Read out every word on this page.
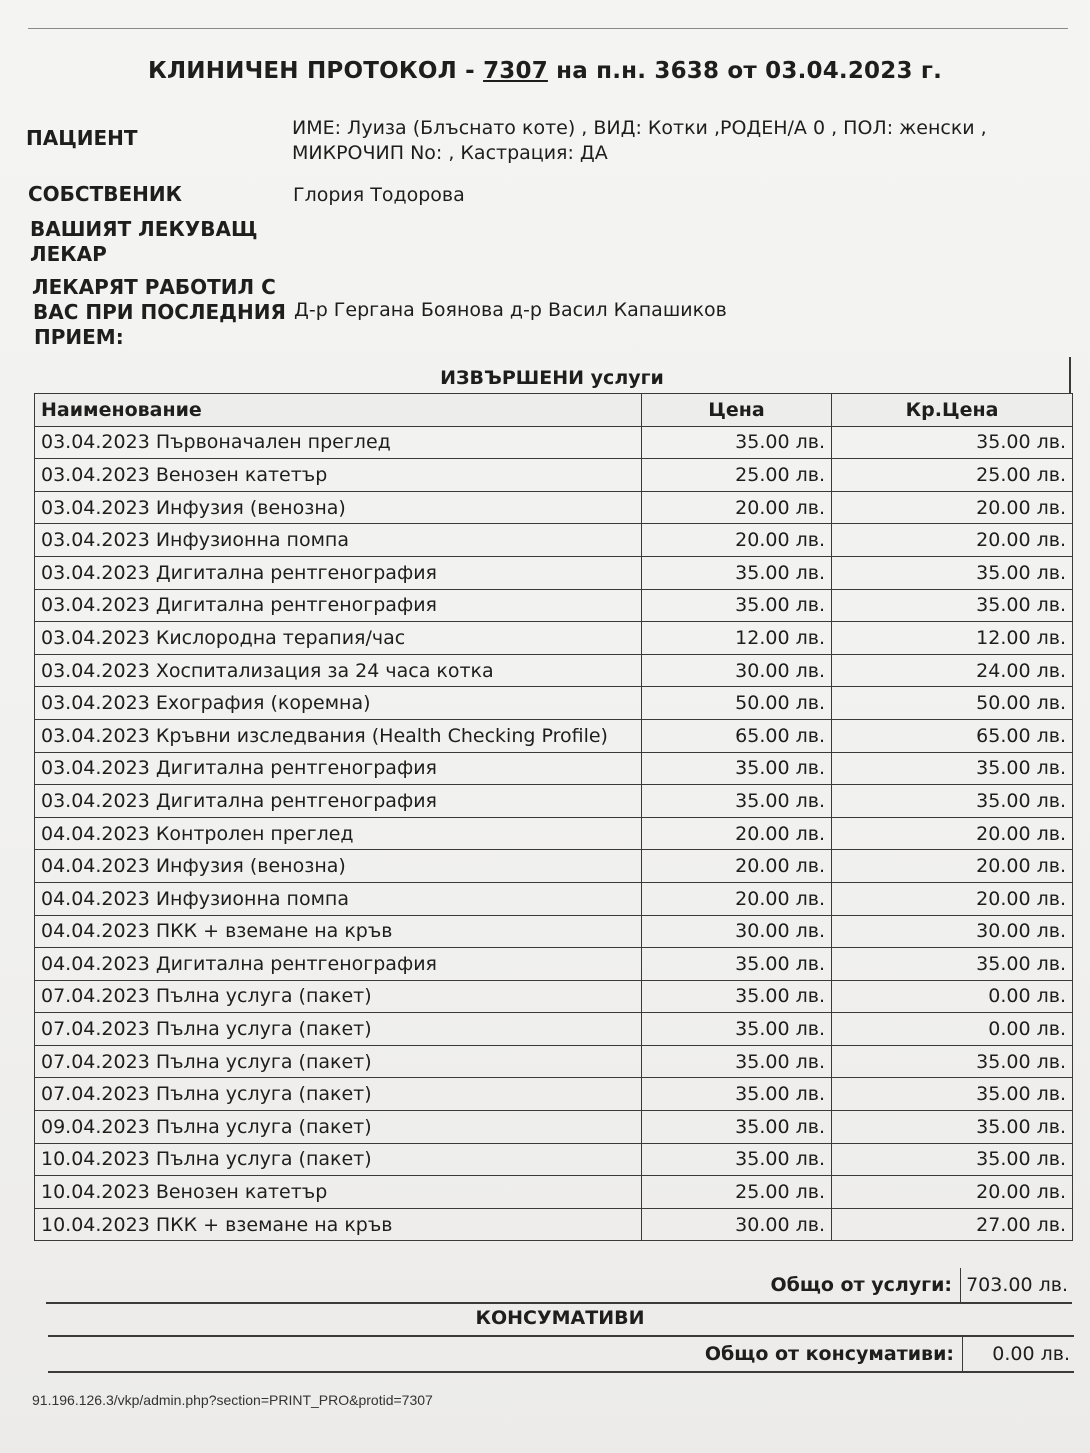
КЛИНИЧЕН ПРОТОКОЛ - 7307 на п.н. 3638 от 03.04.2023 г.
ПАЦИЕНТ	ИМЕ: Луиза (Блъснато коте) , ВИД: Котки ,РОДЕН/А 0 , ПОЛ: женски ,
МИКРОЧИП No: , Кастрация: ДА
СОБСТВЕНИК	Глория Тодорова
ВАШИЯТ ЛЕКУВАЩ
ЛЕКАР
ЛЕКАРЯТ РАБОТИЛ С
ВАС ПРИ ПОСЛЕДНИЯ
ПРИЕМ:
Д-р Гергана Боянова д-р Васил Капашиков
ИЗВЪРШЕНИ услуги
Наименование	Цена	Кр.Цена
03.04.2023 Първоначален преглед	35.00 лв.	35.00 лв.
03.04.2023 Венозен катетър	25.00 лв.	25.00 лв.
03.04.2023 Инфузия (венозна)	20.00 лв.	20.00 лв.
03.04.2023 Инфузионна помпа	20.00 лв.	20.00 лв.
03.04.2023 Дигитална рентгенография	35.00 лв.	35.00 лв.
03.04.2023 Дигитална рентгенография	35.00 лв.	35.00 лв.
03.04.2023 Кислородна терапия/час	12.00 лв.	12.00 лв.
03.04.2023 Хоспитализация за 24 часа котка	30.00 лв.	24.00 лв.
03.04.2023 Ехография (коремна)	50.00 лв.	50.00 лв.
03.04.2023 Кръвни изследвания (Health Checking Profile)	65.00 лв.	65.00 лв.
03.04.2023 Дигитална рентгенография	35.00 лв.	35.00 лв.
03.04.2023 Дигитална рентгенография	35.00 лв.	35.00 лв.
04.04.2023 Контролен преглед	20.00 лв.	20.00 лв.
04.04.2023 Инфузия (венозна)	20.00 лв.	20.00 лв.
04.04.2023 Инфузионна помпа	20.00 лв.	20.00 лв.
04.04.2023 ПКК + вземане на кръв	30.00 лв.	30.00 лв.
04.04.2023 Дигитална рентгенография	35.00 лв.	35.00 лв.
07.04.2023 Пълна услуга (пакет)	35.00 лв.	0.00 лв.
07.04.2023 Пълна услуга (пакет)	35.00 лв.	0.00 лв.
07.04.2023 Пълна услуга (пакет)	35.00 лв.	35.00 лв.
07.04.2023 Пълна услуга (пакет)	35.00 лв.	35.00 лв.
09.04.2023 Пълна услуга (пакет)	35.00 лв.	35.00 лв.
10.04.2023 Пълна услуга (пакет)	35.00 лв.	35.00 лв.
10.04.2023 Венозен катетър	25.00 лв.	20.00 лв.
10.04.2023 ПКК + вземане на кръв	30.00 лв.	27.00 лв.
Общо от услуги: 703.00 лв.
КОНСУМАТИВИ
Общо от консумативи:	0.00 лв.
91.196.126.3/vkp/admin.php?section=PRINT_PRO&protid=7307
